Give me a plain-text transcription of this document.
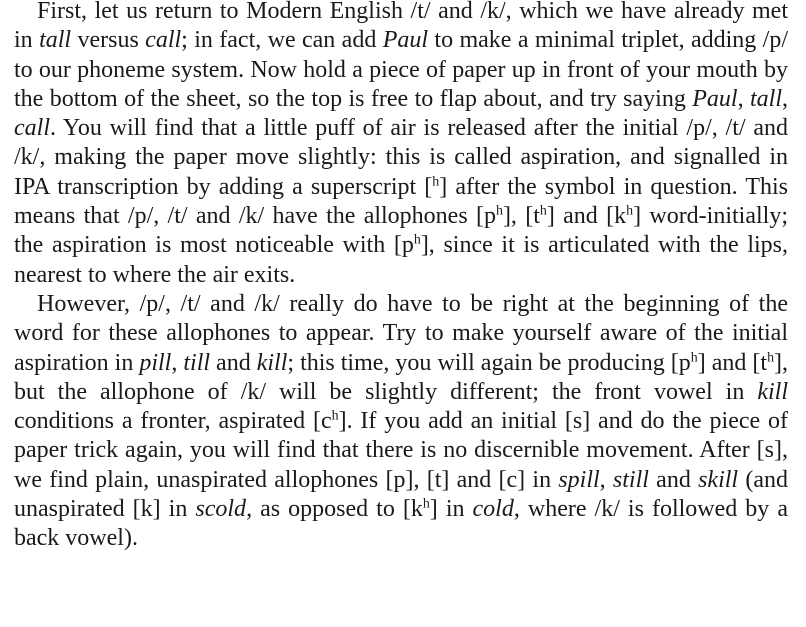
First, let us return to Modern English /t/ and /k/, which we have already met in tall versus call; in fact, we can add Paul to make a minimal triplet, adding /p/ to our phoneme system. Now hold a piece of paper up in front of your mouth by the bottom of the sheet, so the top is free to flap about, and try saying Paul, tall, call. You will find that a little puff of air is released after the initial /p/, /t/ and /k/, making the paper move slightly: this is called aspiration, and signalled in IPA transcription by adding a superscript [$^h$] after the symbol in question. This means that /p/, /t/ and /k/ have the allophones $[p^h]$, $[t^h]$ and $[k^h]$ word-initially; the aspiration is most noticeable with $[p^h]$, since it is articulated with the lips, nearest to where the air exits.

However, /p/, /t/ and /k/ really do have to be right at the beginning of the word for these allophones to appear. Try to make yourself aware of the initial aspiration in pill, till and kill; this time, you will again be producing $[p^h]$ and $[t^h]$, but the allophone of /k/ will be slightly different; the front vowel in kill conditions a fronter, aspirated $[c^h]$. If you add an initial [s] and do the piece of paper trick again, you will find that there is no discernible movement. After [s], we find plain, unaspirated allophones [p], [t] and [c] in spill, still and skill (and unaspirated [k] in scold, as opposed to $[k^h]$ in cold, where /k/ is followed by a back vowel).
